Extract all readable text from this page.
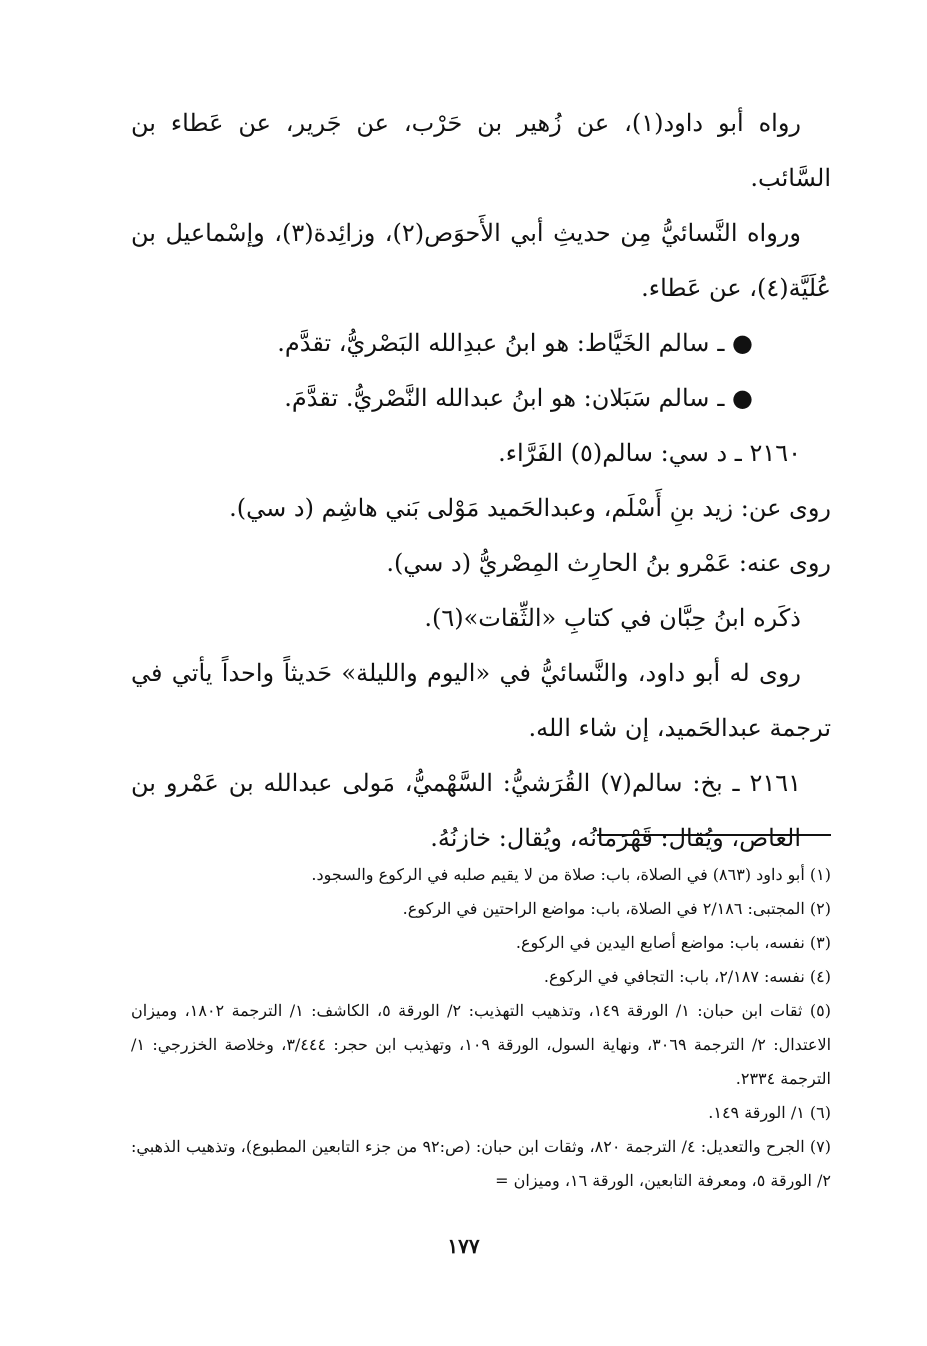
رواه أبو داود(١)، عن زُهير بن حَرْب، عن جَرير، عن عَطاء بن السَّائب.

ورواه النَّسائيُّ مِن حديثِ أبي الأَحوَص(٢)، وزائِدة(٣)، وإسْماعيل بن عُلَيَّة(٤)، عن عَطاء.

● ـسالم الخَيَّاط: هو ابنُ عبدِالله البَصْريُّ، تقدَّم.

● ـسالم سَبَلان: هو ابنُ عبدالله النَّصْريُّ. تقدَّمَ.

٢١٦٠ ـ د سي: سالم(٥) الفَرَّاء.

روى عن: زيد بنِ أَسْلَم، وعبدالحَميد مَوْلى بَني هاشِم (د سي).

روى عنه: عَمْرو بنُ الحارِث المِصْريُّ (د سي).

ذكَره ابنُ حِبَّان في كتابِ «الثِّقات»(٦).

روى له أبو داود، والنَّسائيُّ في «اليوم والليلة» حَديثاً واحداً يأتي في ترجمة عبدالحَميد، إن شاء الله.

٢١٦١ ـ بخ: سالم(٧) القُرَشيُّ: السَّهْميُّ، مَولى عبدالله بن عَمْرو بن العاص، ويُقال: قَهْرَمانُه، ويُقال: خازنُهُ.

(١) أبو داود (٨٦٣) في الصلاة، باب: صلاة من لا يقيم صلبه في الركوع والسجود.

(٢) المجتبى: ٢/١٨٦ في الصلاة، باب: مواضع الراحتين في الركوع.

(٣) نفسه، باب: مواضع أصابع اليدين في الركوع.

(٤) نفسه: ٢/١٨٧، باب: التجافي في الركوع.

(٥) ثقات ابن حبان: ١/ الورقة ١٤٩، وتذهيب التهذيب: ٢/ الورقة ٥، الكاشف: ١/ الترجمة ١٨٠٢، وميزان الاعتدال: ٢/ الترجمة ٣٠٦٩، ونهاية السول، الورقة ١٠٩، وتهذيب ابن حجر: ٣/٤٤٤، وخلاصة الخزرجي: ١/ الترجمة ٢٣٣٤.

(٦) ١/ الورقة ١٤٩.

(٧) الجرح والتعديل: ٤/ الترجمة ٨٢٠، وثقات ابن حبان: (ص:٩٢ من جزء التابعين المطبوع)، وتذهيب الذهبي: ٢/ الورقة ٥، ومعرفة التابعين، الورقة ١٦، وميزان =

١٧٧
